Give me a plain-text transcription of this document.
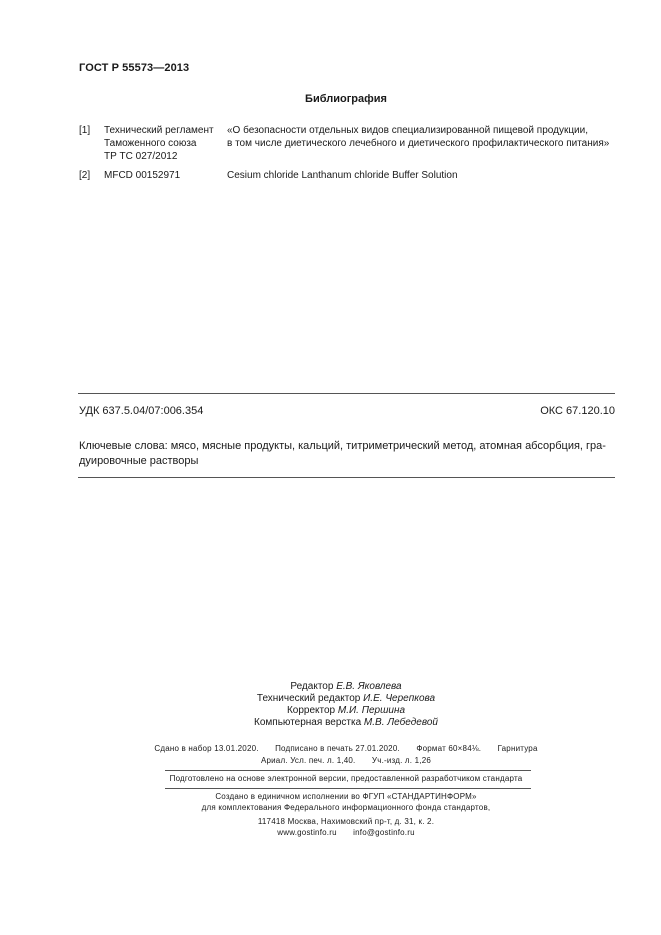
ГОСТ Р 55573—2013
Библиография
[1] Технический регламент
Таможенного союза
ТР ТС 027/2012
«О безопасности отдельных видов специализированной пищевой продукции,
в том числе диетического лечебного и диетического профилактического питания»
[2] MFCD 00152971	Cesium chloride Lanthanum chloride Buffer Solution
УДК 637.5.04/07:006.354	ОКС 67.120.10
Ключевые слова: мясо, мясные продукты, кальций, титриметрический метод, атомная абсорбция, гра-
дуировочные растворы
Редактор Е.В. Яковлева
Технический редактор И.Е. Черепкова
Корректор М.И. Першина
Компьютерная верстка М.В. Лебедевой
Сдано в набор 13.01.2020. Подписано в печать 27.01.2020. Формат 60×84⅛. Гарнитура
Ариал. Усл. печ. л. 1,40. Уч.-изд. л. 1,26
Подготовлено на основе электронной версии, предоставленной разработчиком стандарта
Создано в единичном исполнении во ФГУП «СТАНДАРТИНФОРМ»
для комплектования Федерального информационного фонда стандартов,
117418 Москва, Нахимовский пр-т, д. 31, к. 2.
www.gostinfo.ru info@gostinfo.ru
